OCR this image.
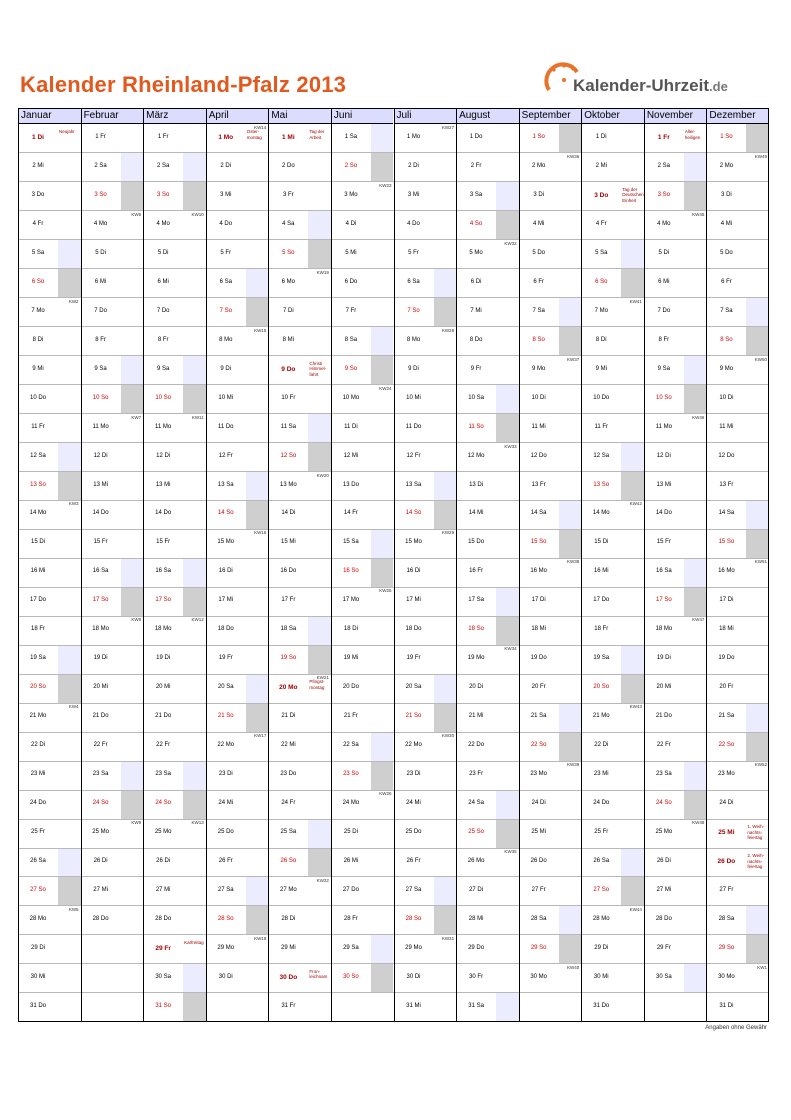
Kalender Rheinland-Pfalz 2013	Kalender-Uhrzeit.de
Januar
1 Di
Neujahr
2 Mi
3 Do
4 Fr
5 Sa
6 So
7 Mo
KW2
8 Di
9 Mi
10 Do
11 Fr
12 Sa
13 So
14 Mo
KW3
15 Di
16 Mi
17 Do
18 Fr
19 Sa
20 So
21 Mo
KW4
22 Di
23 Mi
24 Do
25 Fr
26 Sa
27 So
28 Mo
KW5
29 Di
30 Mi
31 Do
Februar
1 Fr
2 Sa
3 So
4 Mo
KW6
5 Di
6 Mi
7 Do
8 Fr
9 Sa
10 So
11 Mo
KW7
12 Di
13 Mi
14 Do
15 Fr
16 Sa
17 So
18 Mo
KW8
19 Di
20 Mi
21 Do
22 Fr
23 Sa
24 So
25 Mo
KW9
26 Di
27 Mi
28 Do
März
1 Fr
2 Sa
3 So
4 Mo
KW10
5 Di
6 Mi
7 Do
8 Fr
9 Sa
10 So
11 Mo
KW11
12 Di
13 Mi
14 Do
15 Fr
16 Sa
17 So
18 Mo
KW12
19 Di
20 Mi
21 Do
22 Fr
23 Sa
24 So
25 Mo
KW13
26 Di
27 Mi
28 Do
29 Fr
Karfreitag
30 Sa
31 So
April
1 Mo
Oster- montag
KW14
2 Di
3 Mi
4 Do
5 Fr
6 Sa
7 So
8 Mo
KW15
9 Di
10 Mi
11 Do
12 Fr
13 Sa
14 So
15 Mo
KW16
16 Di
17 Mi
18 Do
19 Fr
20 Sa
21 So
22 Mo
KW17
23 Di
24 Mi
25 Do
26 Fr
27 Sa
28 So
29 Mo
KW18
30 Di
Mai
1 Mi
Tag der Arbeit
2 Do
3 Fr
4 Sa
5 So
6 Mo
KW19
7 Di
8 Mi
9 Do
Christi Himmel- fahrt
10 Fr
11 Sa
12 So
13 Mo
KW20
14 Di
15 Mi
16 Do
17 Fr
18 Sa
19 So
20 Mo
Pfingst- montag
KW21
21 Di
22 Mi
23 Do
24 Fr
25 Sa
26 So
27 Mo
KW22
28 Di
29 Mi
30 Do
Fron- leichnam
31 Fr
Juni
1 Sa
2 So
3 Mo
KW23
4 Di
5 Mi
6 Do
7 Fr
8 Sa
9 So
10 Mo
KW24
11 Di
12 Mi
13 Do
14 Fr
15 Sa
16 So
17 Mo
KW25
18 Di
19 Mi
20 Do
21 Fr
22 Sa
23 So
24 Mo
KW26
25 Di
26 Mi
27 Do
28 Fr
29 Sa
30 So
Juli
1 Mo
KW27
2 Di
3 Mi
4 Do
5 Fr
6 Sa
7 So
8 Mo
KW28
9 Di
10 Mi
11 Do
12 Fr
13 Sa
14 So
15 Mo
KW29
16 Di
17 Mi
18 Do
19 Fr
20 Sa
21 So
22 Mo
KW30
23 Di
24 Mi
25 Do
26 Fr
27 Sa
28 So
29 Mo
KW31
30 Di
31 Mi
August
1 Do
2 Fr
3 Sa
4 So
5 Mo
KW32
6 Di
7 Mi
8 Do
9 Fr
10 Sa
11 So
12 Mo
KW33
13 Di
14 Mi
15 Do
16 Fr
17 Sa
18 So
19 Mo
KW34
20 Di
21 Mi
22 Do
23 Fr
24 Sa
25 So
26 Mo
KW35
27 Di
28 Mi
29 Do
30 Fr
31 Sa
September
1 So
2 Mo
KW36
3 Di
4 Mi
5 Do
6 Fr
7 Sa
8 So
9 Mo
KW37
10 Di
11 Mi
12 Do
13 Fr
14 Sa
15 So
16 Mo
KW38
17 Di
18 Mi
19 Do
20 Fr
21 Sa
22 So
23 Mo
KW39
24 Di
25 Mi
26 Do
27 Fr
28 Sa
29 So
30 Mo
KW40
Oktober
1 Di
2 Mi
3 Do
Tag der Deutschen Einheit
4 Fr
5 Sa
6 So
7 Mo
KW41
8 Di
9 Mi
10 Do
11 Fr
12 Sa
13 So
14 Mo
KW42
15 Di
16 Mi
17 Do
18 Fr
19 Sa
20 So
21 Mo
KW43
22 Di
23 Mi
24 Do
25 Fr
26 Sa
27 So
28 Mo
KW44
29 Di
30 Mi
31 Do
November
1 Fr
Aller- heiligen
2 Sa
3 So
4 Mo
KW45
5 Di
6 Mi
7 Do
8 Fr
9 Sa
10 So
11 Mo
KW46
12 Di
13 Mi
14 Do
15 Fr
16 Sa
17 So
18 Mo
KW47
19 Di
20 Mi
21 Do
22 Fr
23 Sa
24 So
25 Mo
KW48
26 Di
27 Mi
28 Do
29 Fr
30 Sa
Dezember
1 So
2 Mo
KW49
3 Di
4 Mi
5 Do
6 Fr
7 Sa
8 So
9 Mo
KW50
10 Di
11 Mi
12 Do
13 Fr
14 Sa
15 So
16 Mo
KW51
17 Di
18 Mi
19 Do
20 Fr
21 Sa
22 So
23 Mo
KW52
24 Di
25 Mi
1. Weih- nachts- feiertag
26 Do
2. Weih- nachts- feiertag
27 Fr
28 Sa
29 So
30 Mo
KW1
31 Di
Angaben ohne Gewähr
